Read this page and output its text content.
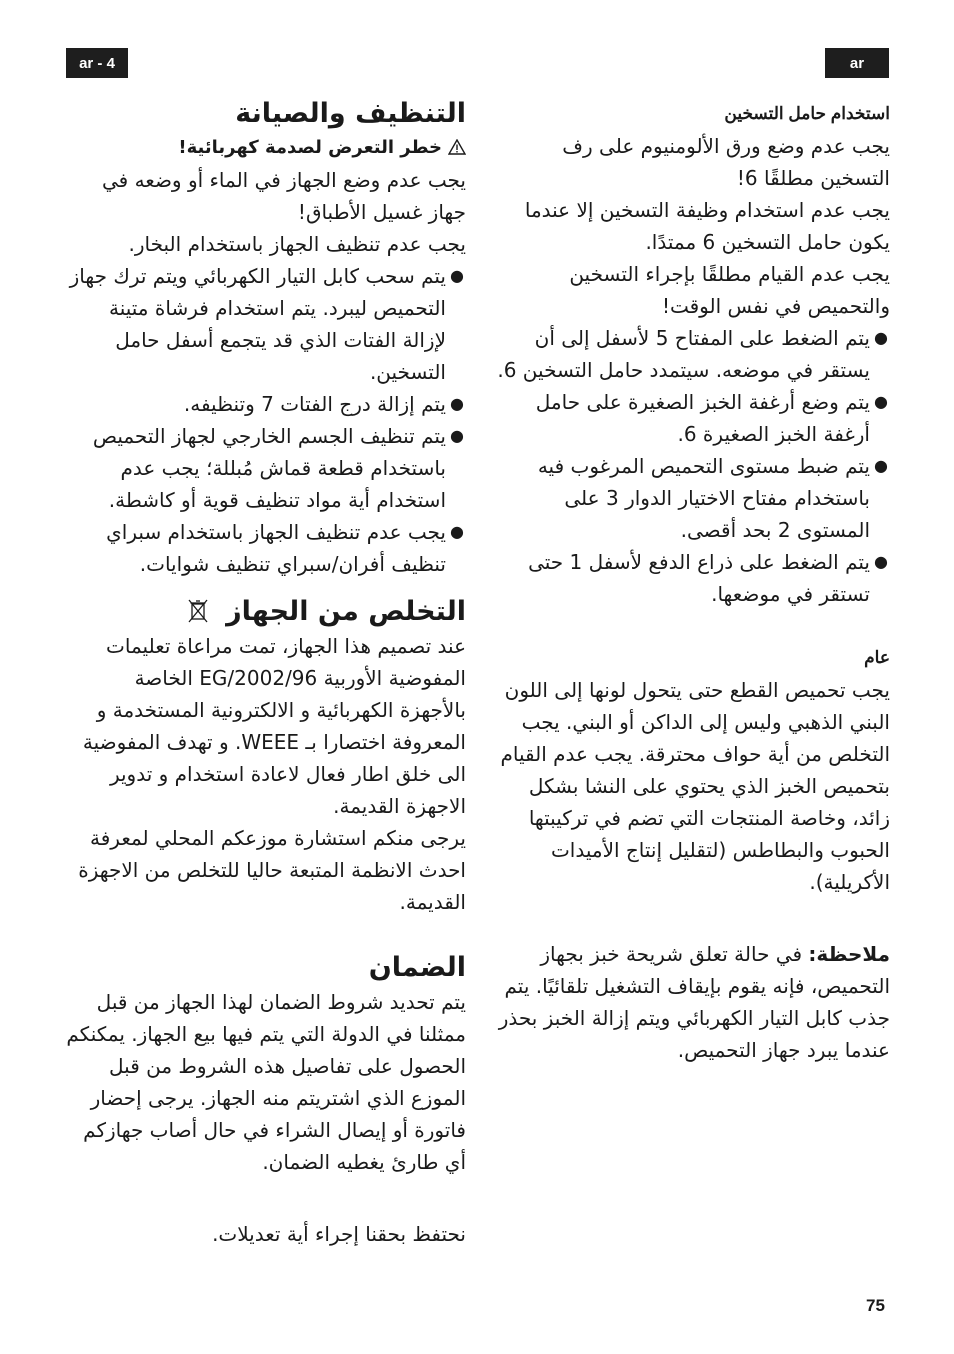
ar - 4	ar

استخدام حامل التسخين

يجب عدم وضع ورق الألومنيوم على رف التسخين مطلقًا 6!

يجب عدم استخدام وظيفة التسخين إلا عندما يكون حامل التسخين 6 ممتدًا.

يجب عدم القيام مطلقًا بإجراء التسخين والتحميص في نفس الوقت!

●
يتم الضغط على المفتاح 5 لأسفل إلى أن يستقر في موضعه. سيتمدد حامل التسخين 6.
●
يتم وضع أرغفة الخبز الصغيرة على حامل أرغفة الخبز الصغيرة 6.
●
يتم ضبط مستوى التحميص المرغوب فيه باستخدام مفتاح الاختيار الدوار 3 على المستوى 2 بحد أقصى.
●
يتم الضغط على ذراع الدفع لأسفل 1 حتى تستقر في موضعها.

عام

يجب تحميص القطع حتى يتحول لونها إلى اللون البني الذهبي وليس إلى الداكن أو البني. يجب التخلص من أية حواف محترقة. يجب عدم القيام بتحميص الخبز الذي يحتوي على النشا بشكل زائد، وخاصة المنتجات التي تضم في تركيبتها الحبوب والبطاطس (لتقليل إنتاج الأميدات الأكريلية).

ملاحظة: في حالة تعلق شريحة خبز بجهاز التحميص، فإنه يقوم بإيقاف التشغيل تلقائيًا. يتم جذب كابل التيار الكهربائي ويتم إزالة الخبز بحذر عندما يبرد جهاز التحميص.

التنظيف والصيانة

خطر التعرض لصدمة كهربائية!

يجب عدم وضع الجهاز في الماء أو وضعه في جهاز غسيل الأطباق!

يجب عدم تنظيف الجهاز باستخدام البخار.

●
يتم سحب كابل التيار الكهربائي ويتم ترك جهاز التحميص ليبرد. يتم استخدام فرشاة متينة لإزالة الفتات الذي قد يتجمع أسفل حامل التسخين.
●
يتم إزالة درج الفتات 7 وتنظيفه.
●
يتم تنظيف الجسم الخارجي لجهاز التحميص باستخدام قطعة قماش مُبللة؛ يجب عدم استخدام أية مواد تنظيف قوية أو كاشطة.
●
يجب عدم تنظيف الجهاز باستخدام سبراي تنظيف أفران/سبراي تنظيف شوايات.

التخلص من الجهاز

عند تصميم هذا الجهاز، تمت مراعاة تعليمات المفوضية الأوربية 2002/96/EG الخاصة بالأجهزة الكهربائية و الالكترونية المستخدمة و المعروفة اختصارا بـ WEEE. و تهدف المفوضية الى خلق اطار فعال لاعادة استخدام و تدوير الاجهزة القديمة.

يرجى منكم استشارة موزعكم المحلي لمعرفة احدث الانظمة المتبعة حاليا للتخلص من الاجهزة القديمة.

الضمان

يتم تحديد شروط الضمان لهذا الجهاز من قبل ممثلنا في الدولة التي يتم فيها بيع الجهاز. يمكنكم الحصول على تفاصيل هذه الشروط من قبل الموزع الذي اشتريتم منه الجهاز. يرجى إحضار فاتورة أو إيصال الشراء في حال أصاب جهازكم أي طارئ يغطيه الضمان.

نحتفظ بحقنا إجراء أية تعديلات.

75
